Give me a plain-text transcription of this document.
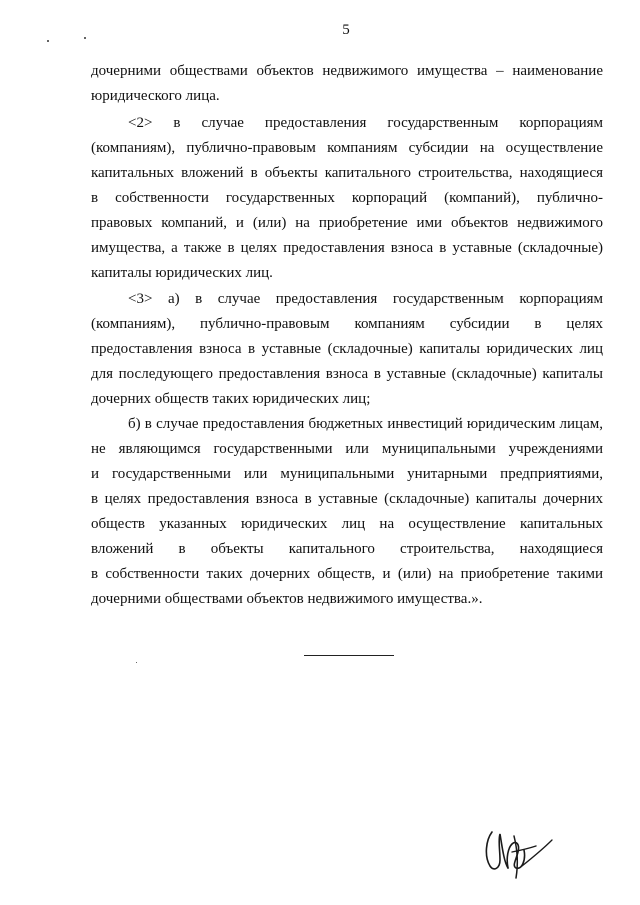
5
дочерними обществами объектов недвижимого имущества – наименование
юридического лица.
<2> в случае предоставления государственным корпорациям
(компаниям), публично-правовым компаниям субсидии на осуществление
капитальных вложений в объекты капитального строительства, находящиеся
в собственности государственных корпораций (компаний), публично-
правовых компаний, и (или) на приобретение ими объектов недвижимого
имущества, а также в целях предоставления взноса в уставные (складочные)
капиталы юридических лиц.
<3> а) в случае предоставления государственным корпорациям
(компаниям), публично-правовым компаниям субсидии в целях
предоставления взноса в уставные (складочные) капиталы юридических лиц
для последующего предоставления взноса в уставные (складочные) капиталы
дочерних обществ таких юридических лиц;
б) в случае предоставления бюджетных инвестиций юридическим лицам,
не являющимся государственными или муниципальными учреждениями
и государственными или муниципальными унитарными предприятиями,
в целях предоставления взноса в уставные (складочные) капиталы дочерних
обществ указанных юридических лиц на осуществление капитальных
вложений в объекты капитального строительства, находящиеся
в собственности таких дочерних обществ, и (или) на приобретение такими
дочерними обществами объектов недвижимого имущества.».
